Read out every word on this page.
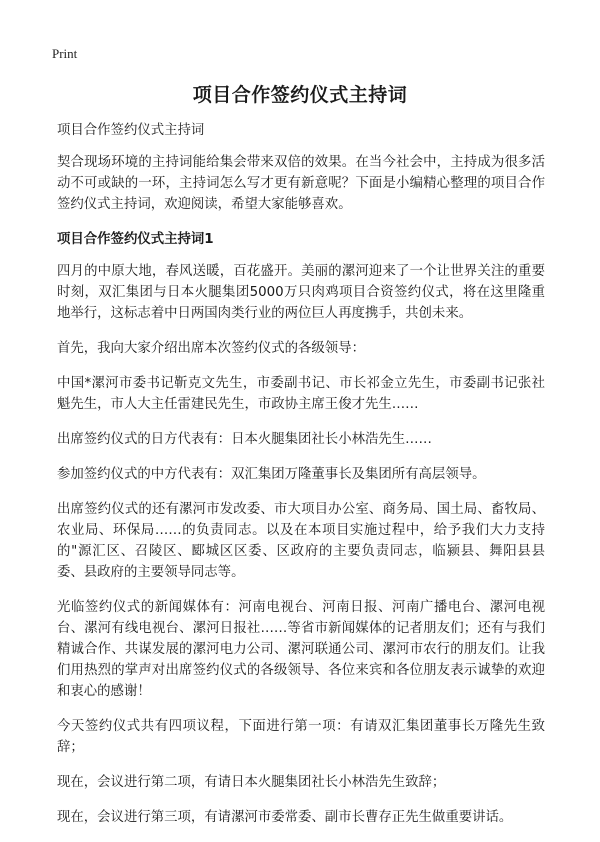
Print
项目合作签约仪式主持词

项目合作签约仪式主持词

契合现场环境的主持词能给集会带来双倍的效果。在当今社会中，主持成为很多活动不可或缺的一环，主持词怎么写才更有新意呢？下面是小编精心整理的项目合作签约仪式主持词，欢迎阅读，希望大家能够喜欢。

项目合作签约仪式主持词1

四月的中原大地，春风送暖，百花盛开。美丽的漯河迎来了一个让世界关注的重要时刻，双汇集团与日本火腿集团5000万只肉鸡项目合资签约仪式，将在这里隆重地举行，这标志着中日两国肉类行业的两位巨人再度携手，共创未来。

首先，我向大家介绍出席本次签约仪式的各级领导：

中国*漯河市委书记靳克文先生，市委副书记、市长祁金立先生，市委副书记张社魁先生，市人大主任雷建民先生，市政协主席王俊才先生……

出席签约仪式的日方代表有：日本火腿集团社长小林浩先生……

参加签约仪式的中方代表有：双汇集团万隆董事长及集团所有高层领导。

出席签约仪式的还有漯河市发改委、市大项目办公室、商务局、国土局、畜牧局、农业局、环保局……的负责同志。以及在本项目实施过程中，给予我们大力支持的"源汇区、召陵区、郾城区区委、区政府的主要负责同志，临颍县、舞阳县县委、县政府的主要领导同志等。

光临签约仪式的新闻媒体有：河南电视台、河南日报、河南广播电台、漯河电视台、漯河有线电视台、漯河日报社……等省市新闻媒体的记者朋友们；还有与我们精诚合作、共谋发展的漯河电力公司、漯河联通公司、漯河市农行的朋友们。让我们用热烈的掌声对出席签约仪式的各级领导、各位来宾和各位朋友表示诚挚的欢迎和衷心的感谢！

今天签约仪式共有四项议程，下面进行第一项：有请双汇集团董事长万隆先生致辞；

现在，会议进行第二项，有请日本火腿集团社长小林浩先生致辞；

现在，会议进行第三项，有请漯河市委常委、副市长曹存正先生做重要讲话。
